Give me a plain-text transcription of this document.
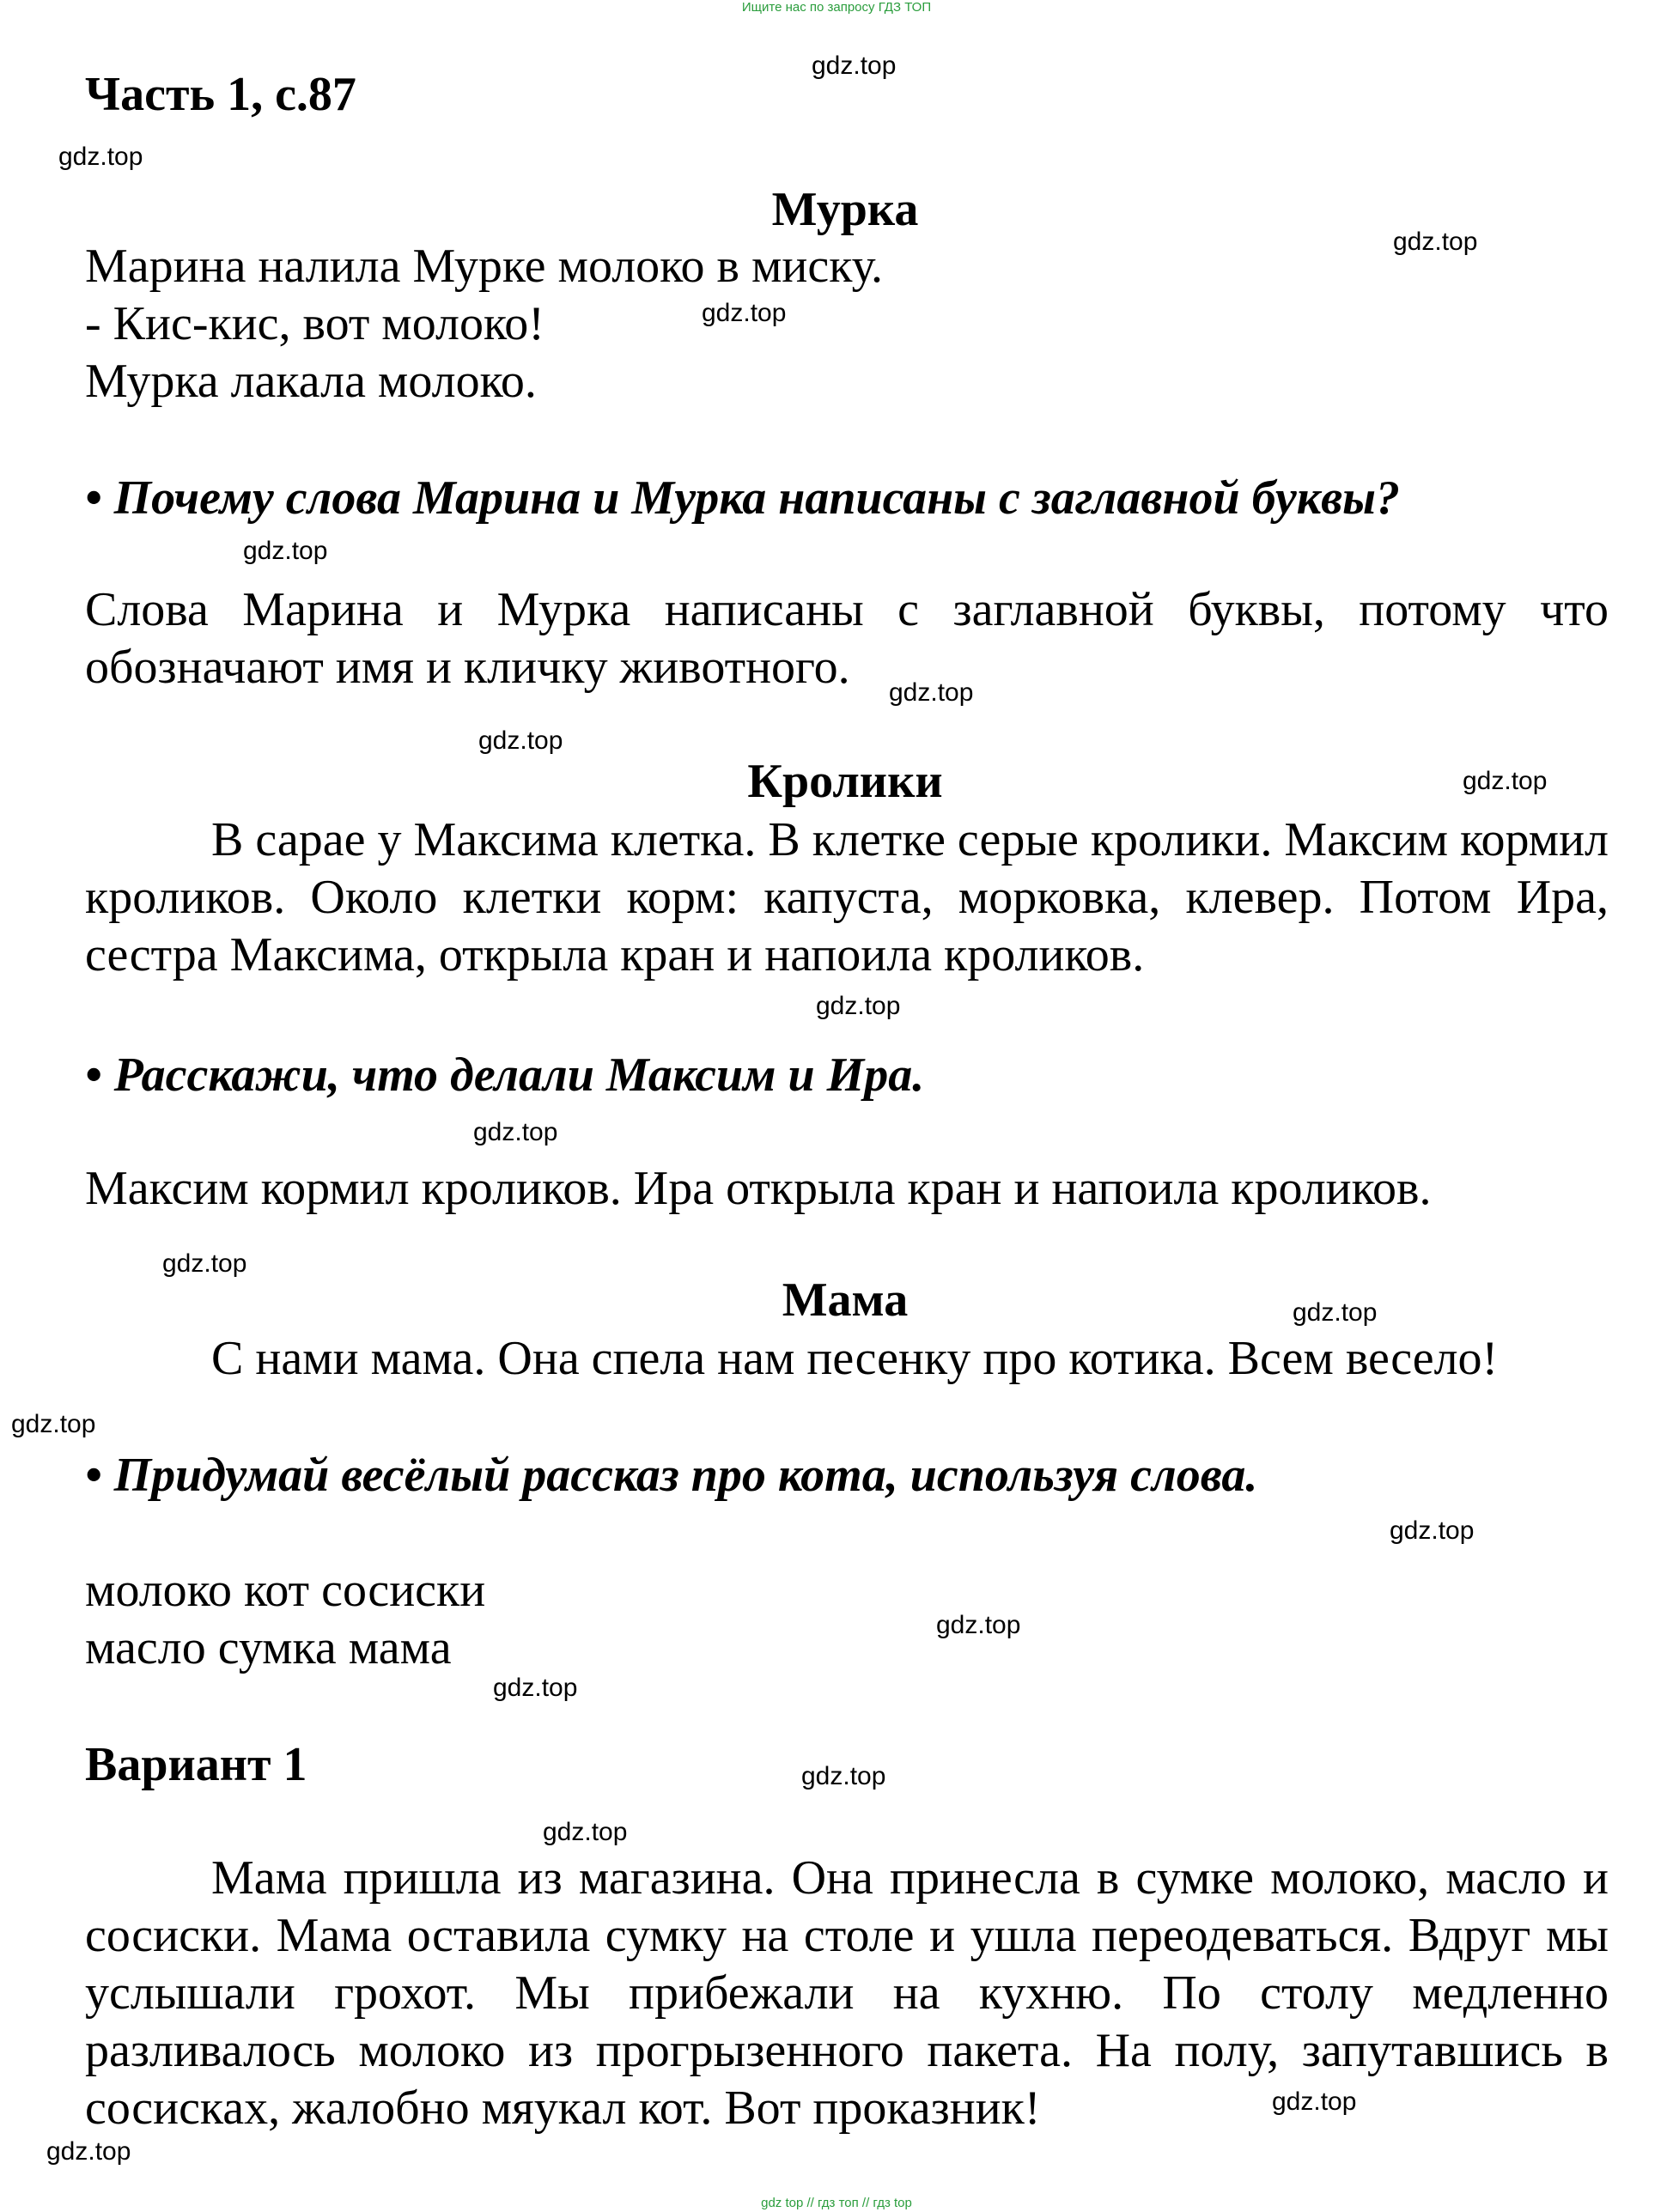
Ищите нас по запросу ГДЗ ТОП
Часть 1, с.87
gdz.top
gdz.top
gdz.top
gdz.top
gdz.top
gdz.top
gdz.top
gdz.top
gdz.top
gdz.top
gdz.top
gdz.top
gdz.top
gdz.top
gdz.top
gdz.top
gdz.top
gdz.top
gdz.top
gdz.top
Мурка
Марина налила Мурке молоко в миску.
- Кис-кис, вот молоко!
Мурка лакала молоко.
• Почему слова Марина и Мурка написаны с заглавной буквы?

Слова Марина и Мурка написаны с заглавной буквы, потому что обозначают имя и кличку животного.

Кролики

В сарае у Максима клетка. В клетке серые кролики. Максим кормил кроликов. Около клетки корм: капуста, морковка, клевер. Потом Ира, сестра Максима, открыла кран и напоила кроликов.

• Расскажи, что делали Максим и Ира.
Максим кормил кроликов. Ира открыла кран и напоила кроликов.
Мама
С нами мама. Она спела нам песенку про котика. Всем весело!
• Придумай весёлый рассказ про кота, используя слова.
молоко кот сосиски
масло сумка мама
Вариант 1

Мама пришла из магазина. Она принесла в сумке молоко, масло и сосиски. Мама оставила сумку на столе и ушла переодеваться. Вдруг мы услышали грохот. Мы прибежали на кухню. По столу медленно разливалось молоко из прогрызенного пакета. На полу, запутавшись в сосисках, жалобно мяукал кот. Вот проказник!

gdz top // гдз топ // гдз top
